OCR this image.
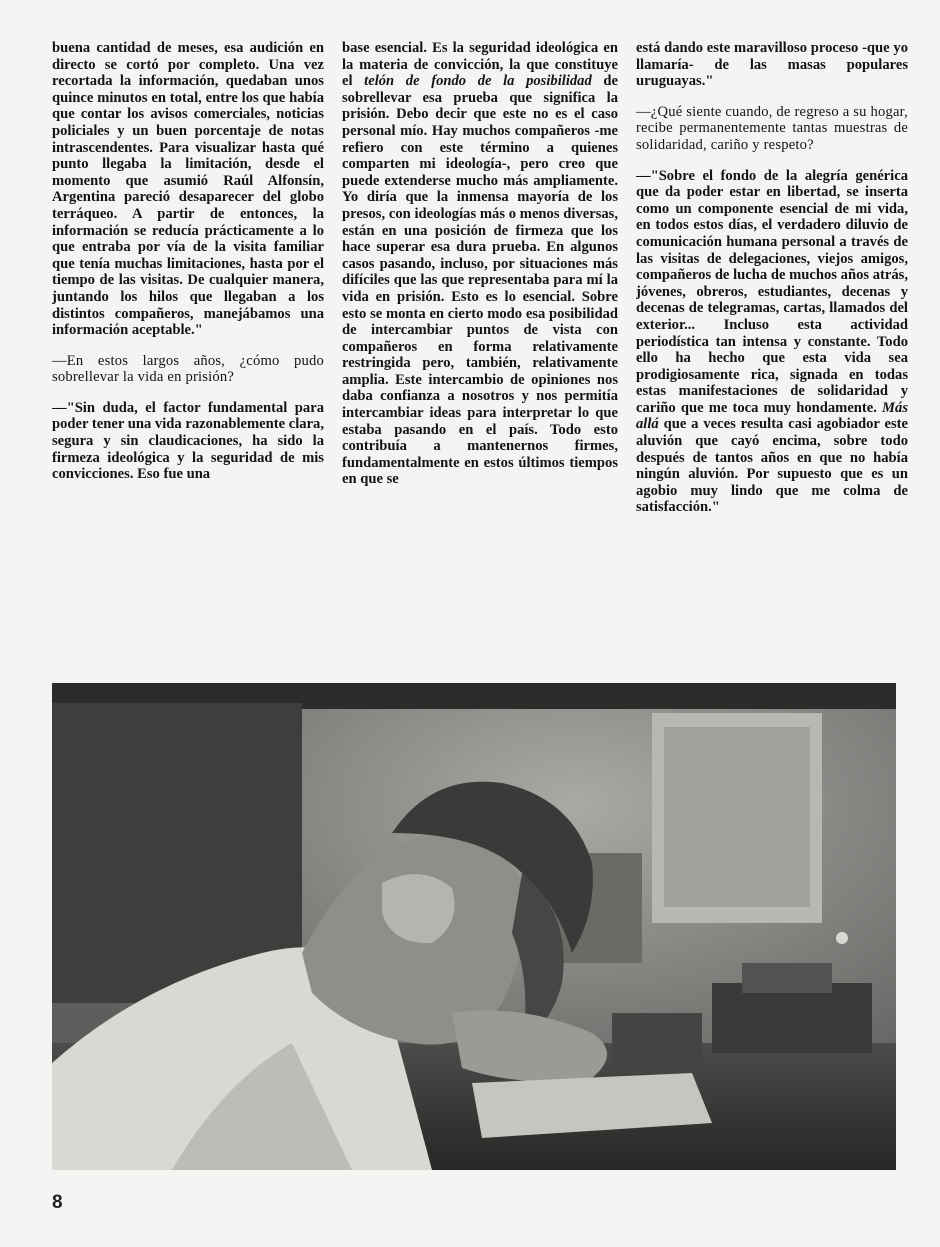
buena cantidad de meses, esa audición en directo se cortó por completo. Una vez recortada la información, quedaban unos quince minutos en total, entre los que había que contar los avisos comerciales, noticias policiales y un buen porcentaje de notas intrascendentes. Para visualizar hasta qué punto llegaba la limitación, desde el momento que asumió Raúl Alfonsín, Argentina pareció desaparecer del globo terráqueo. A partir de entonces, la información se reducía prácticamente a lo que entraba por vía de la visita familiar que tenía muchas limitaciones, hasta por el tiempo de las visitas. De cualquier manera, juntando los hilos que llegaban a los distintos compañeros, manejábamos una información aceptable."

—En estos largos años, ¿cómo pudo sobrellevar la vida en prisión?

—"Sin duda, el factor fundamental para poder tener una vida razonablemente clara, segura y sin claudicaciones, ha sido la firmeza ideológica y la seguridad de mis convicciones. Eso fue una

base esencial. Es la seguridad ideológica en la materia de convicción, la que constituye el telón de fondo de la posibilidad de sobrellevar esa prueba que significa la prisión. Debo decir que este no es el caso personal mío. Hay muchos compañeros -me refiero con este término a quienes comparten mi ideología-, pero creo que puede extenderse mucho más ampliamente. Yo diría que la inmensa mayoría de los presos, con ideologías más o menos diversas, están en una posición de firmeza que los hace superar esa dura prueba. En algunos casos pasando, incluso, por situaciones más difíciles que las que representaba para mí la vida en prisión. Esto es lo esencial. Sobre esto se monta en cierto modo esa posibilidad de intercambiar puntos de vista con compañeros en forma relativamente restringida pero, también, relativamente amplia. Este intercambio de opiniones nos daba confianza a nosotros y nos permitía intercambiar ideas para interpretar lo que estaba pasando en el país. Todo esto contribuía a mantenernos firmes, fundamentalmente en estos últimos tiempos en que se

está dando este maravilloso proceso -que yo llamaría- de las masas populares uruguayas."

—¿Qué siente cuando, de regreso a su hogar, recibe permanentemente tantas muestras de solidaridad, cariño y respeto?

—"Sobre el fondo de la alegría genérica que da poder estar en libertad, se inserta como un componente esencial de mi vida, en todos estos días, el verdadero diluvio de comunicación humana personal a través de las visitas de delegaciones, viejos amigos, compañeros de lucha de muchos años atrás, jóvenes, obreros, estudiantes, decenas y decenas de telegramas, cartas, llamados del exterior... Incluso esta actividad periodística tan intensa y constante. Todo ello ha hecho que esta vida sea prodigiosamente rica, signada en todas estas manifestaciones de solidaridad y cariño que me toca muy hondamente. Más allá que a veces resulta casi agobiador este aluvión que cayó encima, sobre todo después de tantos años en que no había ningún aluvión. Por supuesto que es un agobio muy lindo que me colma de satisfacción."

8
